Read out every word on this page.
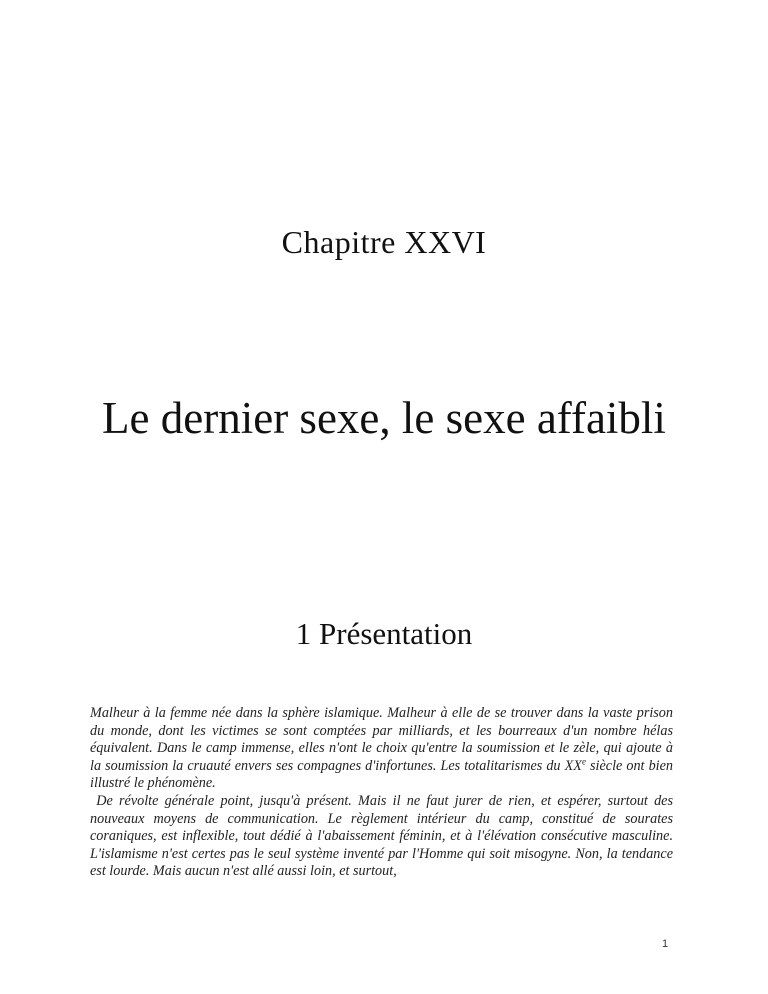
Chapitre XXVI
Le dernier sexe, le sexe affaibli
1 Présentation

Malheur à la femme née dans la sphère islamique. Malheur à elle de se trouver dans la vaste prison du monde, dont les victimes se sont comptées par milliards, et les bourreaux d'un nombre hélas équivalent. Dans le camp immense, elles n'ont le choix qu'entre la soumission et le zèle, qui ajoute à la soumission la cruauté envers ses compagnes d'infortunes. Les totalitarismes du XXe siècle ont bien illustré le phénomène.

De révolte générale point, jusqu'à présent. Mais il ne faut jurer de rien, et espérer, surtout des nouveaux moyens de communication. Le règlement intérieur du camp, constitué de sourates coraniques, est inflexible, tout dédié à l'abaissement féminin, et à l'élévation consécutive masculine. L'islamisme n'est certes pas le seul système inventé par l'Homme qui soit misogyne. Non, la tendance est lourde. Mais aucun n'est allé aussi loin, et surtout,

1
